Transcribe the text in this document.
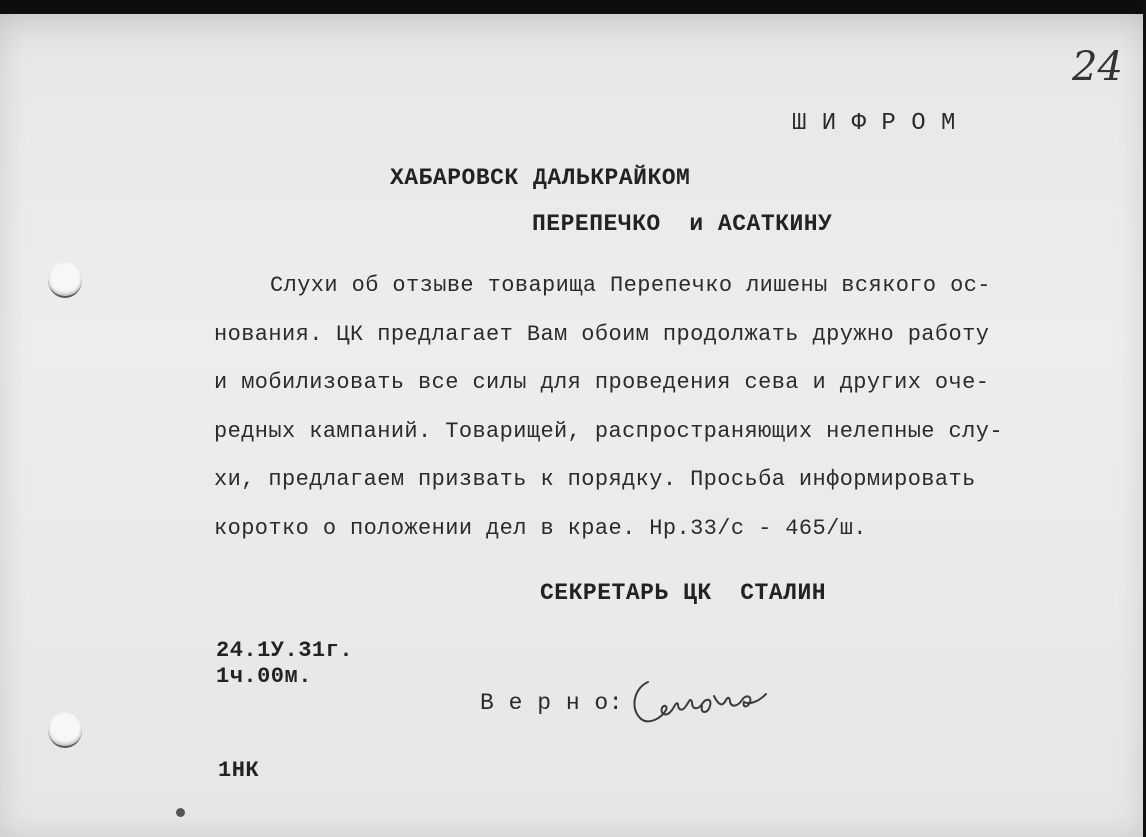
24
Ш И Ф Р О М
ХАБАРОВСК ДАЛЬКРАЙКОМ
ПЕРЕПЕЧКО  и АСАТКИНУ
Слухи об отзыве товарища Перепечко лишены всякого ос-
нования. ЦК предлагает Вам обоим продолжать дружно работу
и мобилизовать все силы для проведения сева и других оче-
редных кампаний. Товарищей, распространяющих нелепные слу-
хи, предлагаем призвать к порядку. Просьба информировать
коротко о положении дел в крае. Нр.33/с - 465/ш.
СЕКРЕТАРЬ ЦК  СТАЛИН
24.1У.31г.
1ч.00м.
В е р н о:
1НК
